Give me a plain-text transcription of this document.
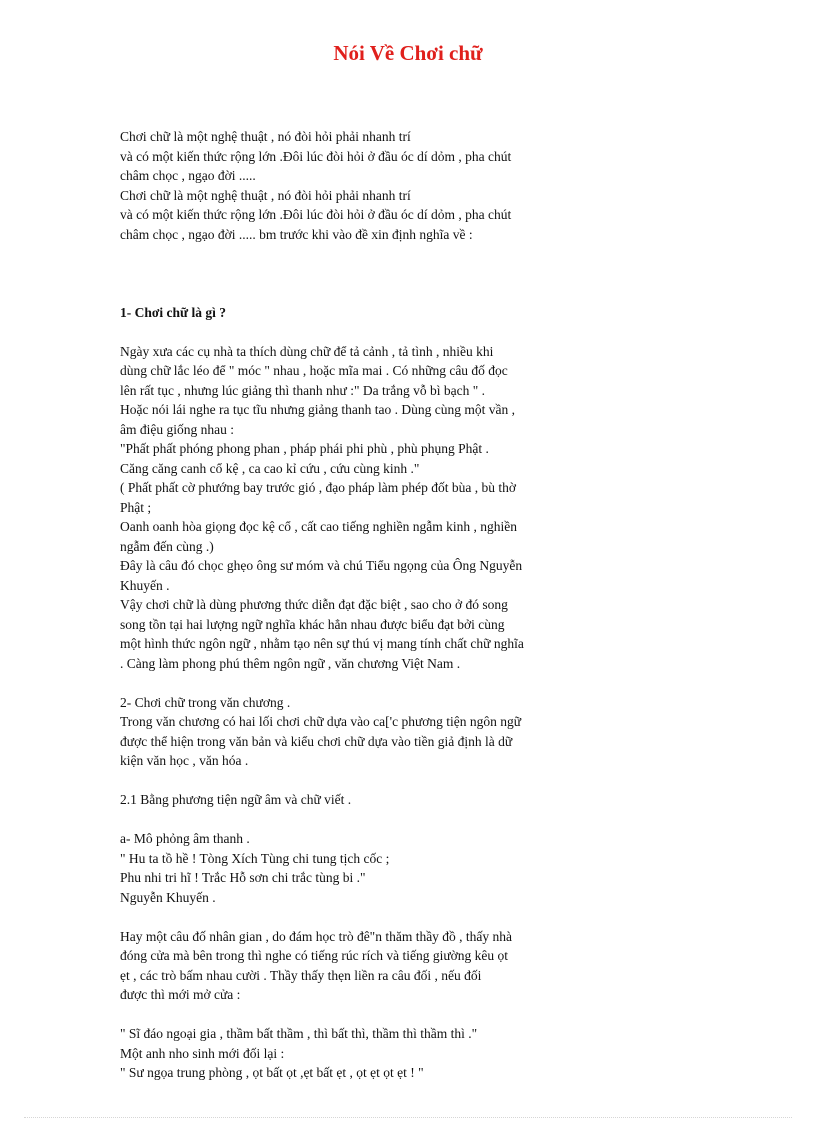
Nói Về Chơi chữ
Chơi chữ là một nghệ thuật , nó đòi hỏi phải nhanh trí
và có một kiến thức rộng lớn .Đôi lúc đòi hỏi ở đầu óc dí dỏm , pha chút
châm chọc , ngạo đời .....
Chơi chữ là một nghệ thuật , nó đòi hỏi phải nhanh trí
và có một kiến thức rộng lớn .Đôi lúc đòi hỏi ở đầu óc dí dỏm , pha chút
châm chọc , ngạo đời ..... bm trước khi vào đề xin định nghĩa về :
1- Chơi chữ là gì ?
Ngày xưa các cụ nhà ta thích dùng chữ để tả cảnh , tả tình , nhiều khi
dùng chữ lắc léo để " móc " nhau , hoặc mĩa mai . Có những câu đố đọc
lên rất tục , nhưng lúc giảng thì thanh như :" Da trắng vỗ bì bạch " .
Hoặc nói lái nghe ra tục tĩu nhưng giảng thanh tao . Dùng cùng một vần ,
âm điệu giống nhau :
"Phất phất phóng phong phan , pháp phái phi phù , phù phụng Phật .
Căng căng canh cổ kệ , ca cao kỉ cứu , cứu cùng kinh ."
( Phất phất cờ phướng bay trước gió , đạo pháp làm phép đốt bùa , bù thờ
Phật ;
Oanh oanh hòa giọng đọc kệ cổ , cất cao tiếng nghiền ngẫm kinh , nghiền
ngẫm đến cùng .)
Đây là câu đó chọc ghẹo ông sư móm và chú Tiểu ngọng của Ông Nguyễn
Khuyến .
Vậy chơi chữ là dùng phương thức diễn đạt đặc biệt , sao cho ở đó song
song tồn tại hai lượng ngữ nghĩa khác hẳn nhau được biểu đạt bởi cùng
một hình thức ngôn ngữ , nhằm tạo nên sự thú vị mang tính chất chữ nghĩa
. Càng làm phong phú thêm ngôn ngữ , văn chương Việt Nam .
2- Chơi chữ trong văn chương .
Trong văn chương có hai lối chơi chữ dựa vào ca['c phương tiện ngôn ngữ
được thể hiện trong văn bản và kiểu chơi chữ dựa vào tiền giả định là dữ
kiện văn học , văn hóa .
2.1 Bằng phương tiện ngữ âm và chữ viết .
a- Mô phỏng âm thanh .
" Hu ta tồ hề ! Tòng Xích Tùng chi tung tịch cốc ;
Phu nhi tri hĩ ! Trắc Hỗ sơn chi trắc tùng bi ."
Nguyễn Khuyến .
Hay một câu đố nhân gian , do đám học trò đê"n thăm thầy đồ , thấy nhà
đóng cửa mà bên trong thì nghe có tiếng rúc rích và tiếng giường kêu ọt
ẹt , các trò bấm nhau cười . Thầy thấy thẹn liền ra câu đối , nếu đối
được thì mới mở cửa :
" Sĩ đáo ngoại gia , thầm bất thầm , thì bất thì, thầm thì thầm thì ."
Một anh nho sinh mới đối lại :
" Sư ngọa trung phòng , ọt bất ọt ,ẹt bất ẹt , ọt ẹt ọt ẹt ! "
